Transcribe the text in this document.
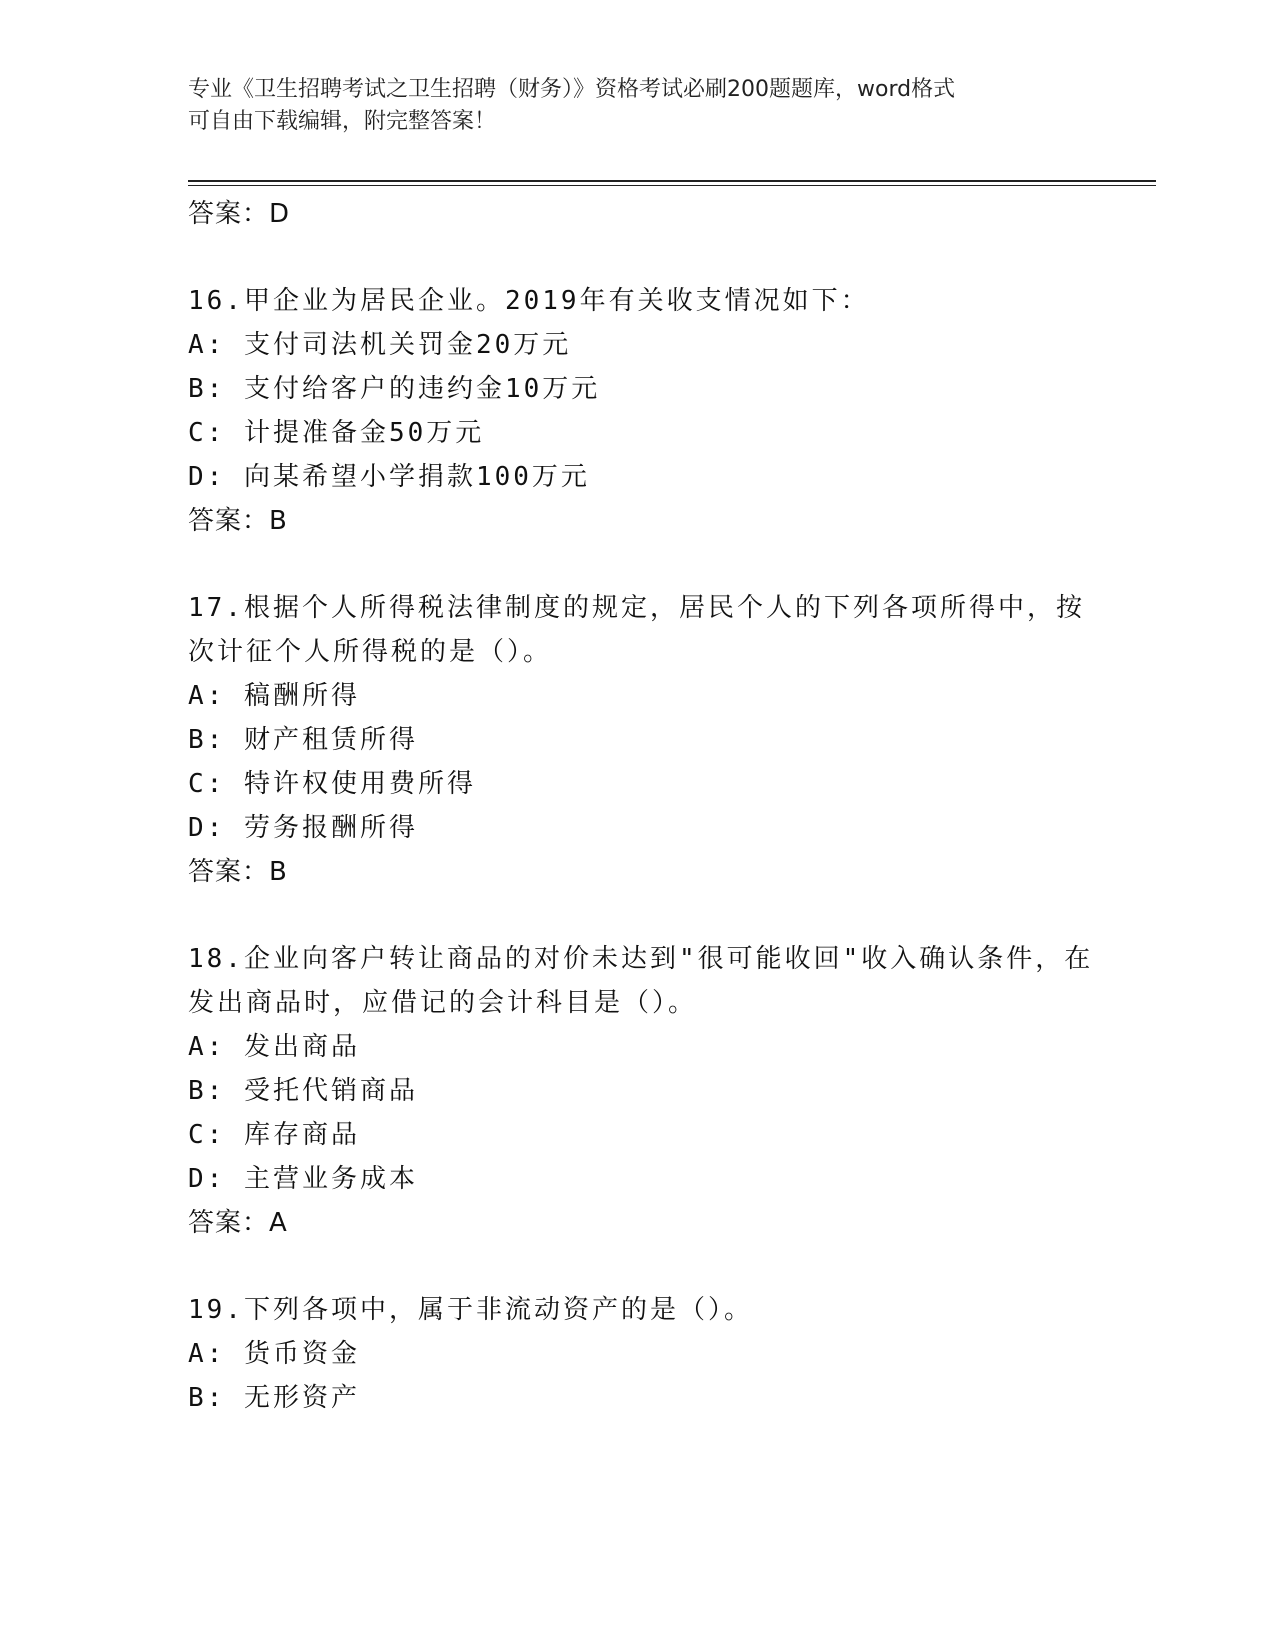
专业《卫生招聘考试之卫生招聘（财务）》资格考试必刷200题题库，word格式
可自由下载编辑，附完整答案！
答案：D
16.甲企业为居民企业。2019年有关收支情况如下：
A: 支付司法机关罚金20万元
B: 支付给客户的违约金10万元
C: 计提准备金50万元
D: 向某希望小学捐款100万元
答案：B
17.根据个人所得税法律制度的规定，居民个人的下列各项所得中，按
次计征个人所得税的是（）。
A: 稿酬所得
B: 财产租赁所得
C: 特许权使用费所得
D: 劳务报酬所得
答案：B
18.企业向客户转让商品的对价未达到"很可能收回"收入确认条件，在
发出商品时，应借记的会计科目是（）。
A: 发出商品
B: 受托代销商品
C: 库存商品
D: 主营业务成本
答案：A
19.下列各项中，属于非流动资产的是（）。
A: 货币资金
B: 无形资产
